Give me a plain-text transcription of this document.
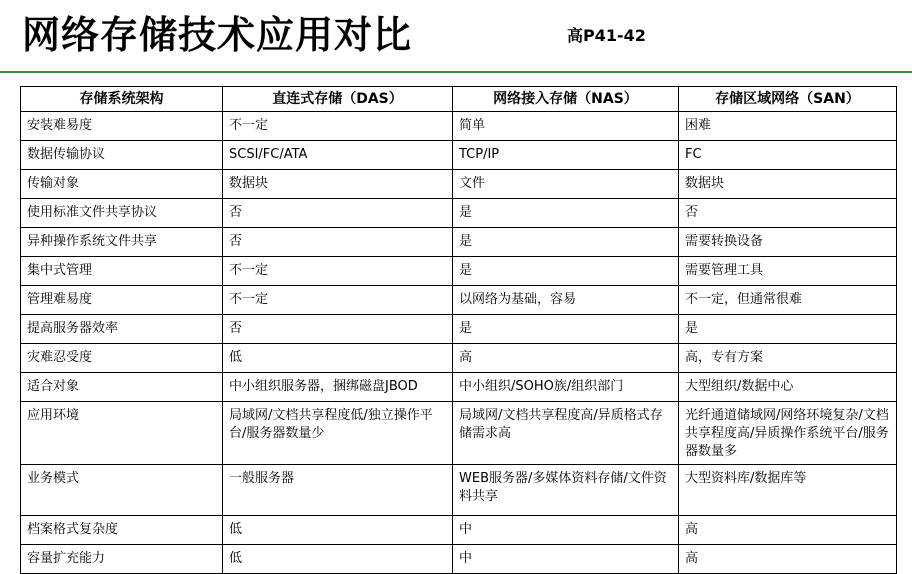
网络存储技术应用对比	高P41-42
存储系统架构	直连式存储（DAS）	网络接入存储（NAS）	存储区域网络（SAN）
安装难易度	不一定	简单	困难
数据传输协议	SCSI/FC/ATA	TCP/IP	FC
传输对象	数据块	文件	数据块
使用标准文件共享协议	否	是	否
异种操作系统文件共享	否	是	需要转换设备
集中式管理	不一定	是	需要管理工具
管理难易度	不一定	以网络为基础，容易	不一定，但通常很难
提高服务器效率	否	是	是
灾难忍受度	低	高	高，专有方案
适合对象	中小组织服务器，捆绑磁盘JBOD	中小组织/SOHO族/组织部门	大型组织/数据中心
应用环境	局域网/文档共享程度低/独立操作平台/服务器数量少	局域网/文档共享程度高/异质格式存储需求高	光纤通道储域网/网络环境复杂/文档共享程度高/异质操作系统平台/服务器数量多
业务模式	一般服务器	WEB服务器/多媒体资料存储/文件资料共享	大型资料库/数据库等
档案格式复杂度	低	中	高
容量扩充能力	低	中	高
